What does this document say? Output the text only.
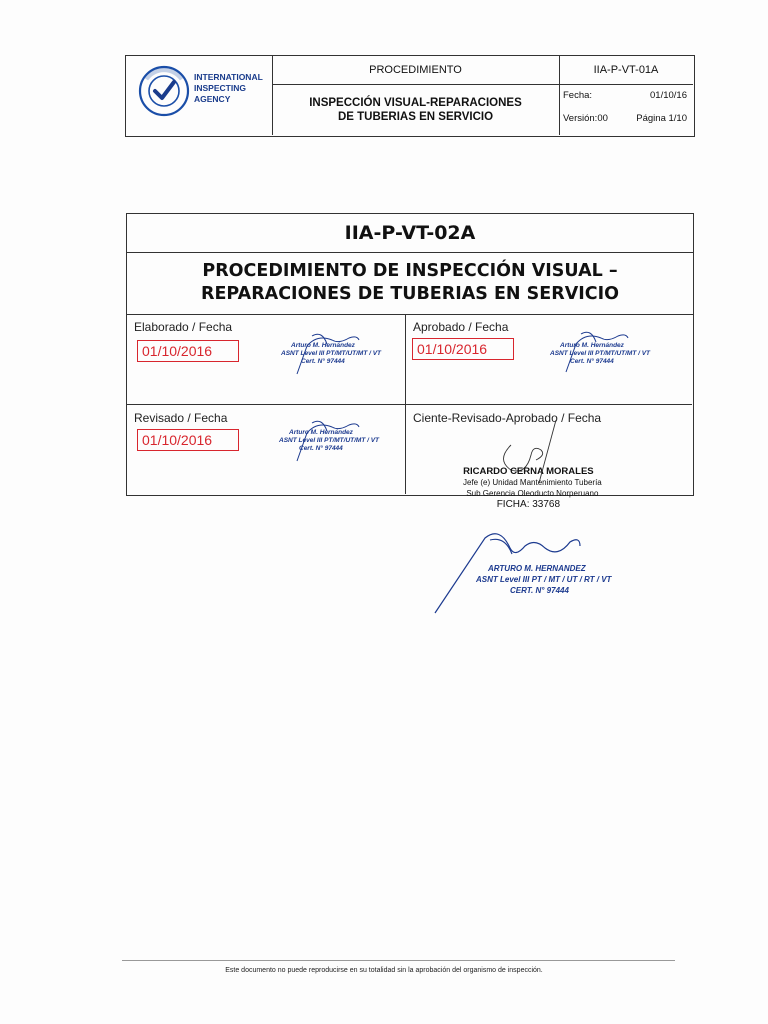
INTERNATIONAL
INSPECTING
AGENCY
PROCEDIMIENTO
INSPECCIÓN VISUAL-REPARACIONES
DE TUBERIAS EN SERVICIO
IIA-P-VT-01A
Fecha:	01/10/16
Versión:00	Página 1/10
IIA-P-VT-02A
PROCEDIMIENTO DE INSPECCIÓN VISUAL –
REPARACIONES DE TUBERIAS EN SERVICIO
Elaborado / Fecha
01/10/2016	Arturo M. Hernández
ASNT Level III PT/MT/UT/MT / VT
Cert. N° 97444
Aprobado / Fecha
01/10/2016	Arturo M. Hernández
ASNT Level III PT/MT/UT/MT / VT
Cert. N° 97444
Revisado / Fecha
01/10/2016	Arturo M. Hernández
ASNT Level III PT/MT/UT/MT / VT
Cert. N° 97444
Ciente-Revisado-Aprobado / Fecha
RICARDO CERNA MORALES
Jefe (e) Unidad Mantenimiento Tubería
Sub Gerencia Oleoducto Norperuano
FICHA: 33768
ARTURO M. HERNANDEZ
ASNT Level III PT / MT / UT / RT / VT
CERT. N° 97444
Este documento no puede reproducirse en su totalidad sin la aprobación del organismo de inspección.
